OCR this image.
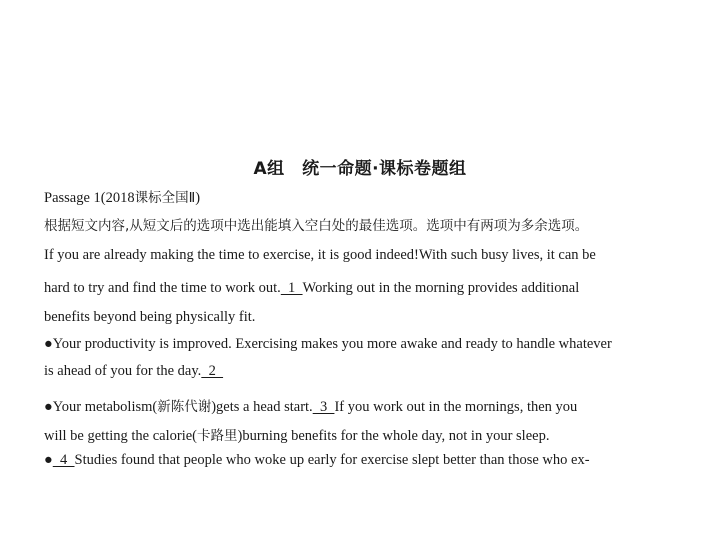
A组　统一命题·课标卷题组
Passage 1(2018课标全国Ⅱ)
根据短文内容,从短文后的选项中选出能填入空白处的最佳选项。选项中有两项为多余选项。
If you are already making the time to exercise, it is good indeed!With such busy lives, it can be
hard to try and find the time to work out.  1  Working out in the morning provides additional
benefits beyond being physically fit.
●Your productivity is improved. Exercising makes you more awake and ready to handle whatever
is ahead of you for the day.  2
●Your metabolism(新陈代谢)gets a head start.  3  If you work out in the mornings, then you
will be getting the calorie(卡路里)burning benefits for the whole day, not in your sleep.
●  4  Studies found that people who woke up early for exercise slept better than those who ex-
